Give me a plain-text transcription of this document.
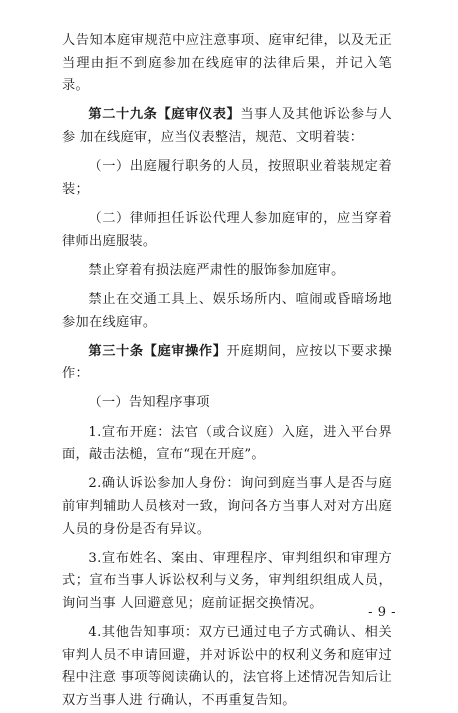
人告知本庭审规范中应注意事项、庭审纪律，以及无正当理由拒不到庭参加在线庭审的法律后果，并记入笔录。

第二十九条【庭审仪表】当事人及其他诉讼参与人参 加在线庭审，应当仪表整洁，规范、文明着装：

（一）出庭履行职务的人员，按照职业着装规定着装；

（二）律师担任诉讼代理人参加庭审的，应当穿着律师出庭服装。

禁止穿着有损法庭严肃性的服饰参加庭审。

禁止在交通工具上、娱乐场所内、喧闹或昏暗场地参加在线庭审。

第三十条【庭审操作】开庭期间，应按以下要求操作：

（一）告知程序事项

1.宣布开庭：法官（或合议庭）入庭，进入平台界面，敲击法槌，宣布“现在开庭”。

2.确认诉讼参加人身份：询问到庭当事人是否与庭前审判辅助人员核对一致，询问各方当事人对对方出庭人员的身份是否有异议。

3.宣布姓名、案由、审理程序、审判组织和审理方式；宣布当事人诉讼权利与义务，审判组织组成人员，询问当事 人回避意见；庭前证据交换情况。

4.其他告知事项：双方已通过电子方式确认、相关审判人员不申请回避，并对诉讼中的权利义务和庭审过程中注意 事项等阅读确认的，法官将上述情况告知后让双方当事人进 行确认，不再重复告知。

- 9 -
